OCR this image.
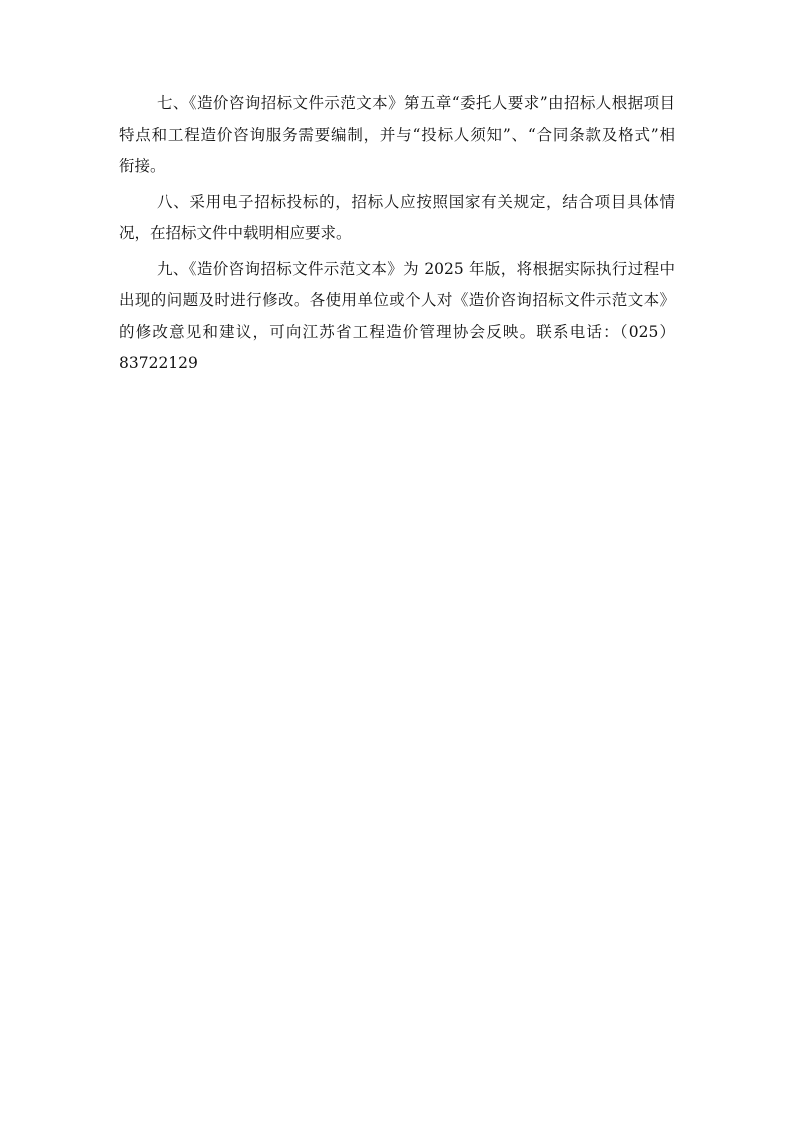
七、《造价咨询招标文件示范文本》第五章“委托人要求”由招标人根据项目
特点和工程造价咨询服务需要编制，并与“投标人须知”、“合同条款及格式”相
衔接。
八、采用电子招标投标的，招标人应按照国家有关规定，结合项目具体情
况，在招标文件中载明相应要求。
九、《造价咨询招标文件示范文本》为 2025 年版，将根据实际执行过程中
出现的问题及时进行修改。各使用单位或个人对《造价咨询招标文件示范文本》
的修改意见和建议，可向江苏省工程造价管理协会反映。联系电话：（025）
83722129
